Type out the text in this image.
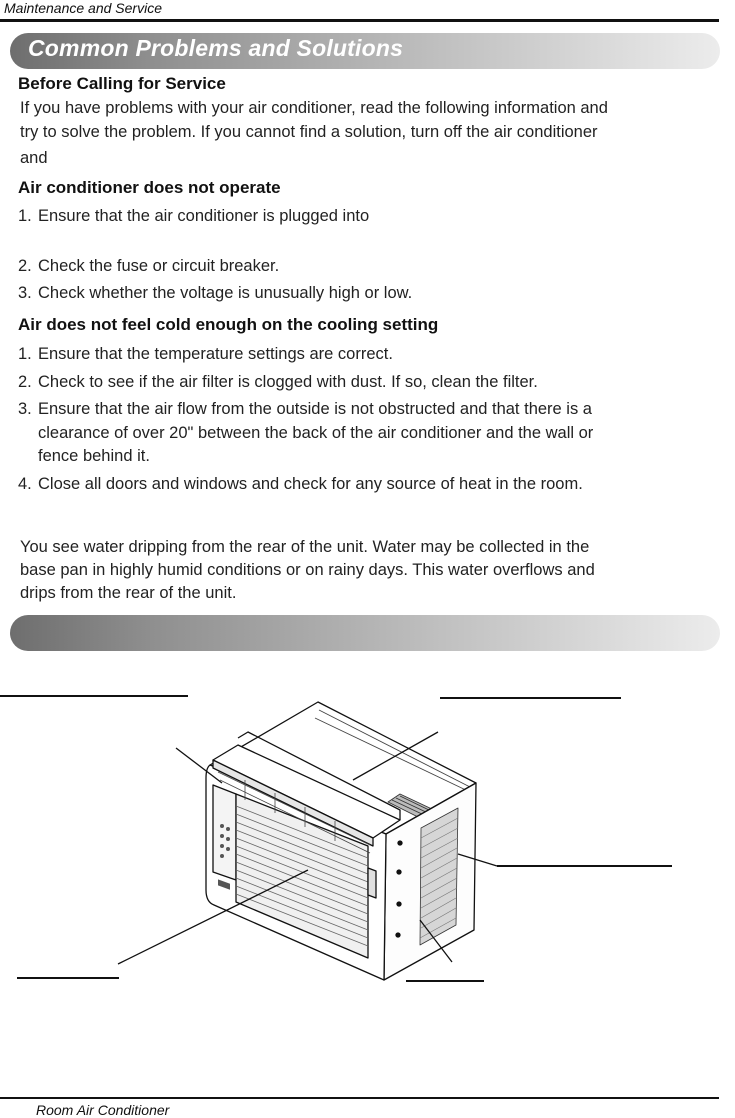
Maintenance and Service
Common Problems and Solutions
Before Calling for Service
If you have problems with your air conditioner, read the following information and
try to solve the problem. If you cannot find a solution, turn off the air conditioner
and
Air conditioner does not operate
1. Ensure that the air conditioner is plugged into
2. Check the fuse or circuit breaker.
3. Check whether the voltage is unusually high or low.
Air does not feel cold enough on the cooling setting
1. Ensure that the temperature settings are correct.
2. Check to see if the air filter is clogged with dust. If so, clean the filter.
3. Ensure that the air flow from the outside is not obstructed and that there is a
clearance of over 20" between the back of the air conditioner and the wall or
fence behind it.
4. Close all doors and windows and check for any source of heat in the room.
You see water dripping from the rear of the unit. Water may be collected in the
base pan in highly humid conditions or on rainy days. This water overflows and
drips from the rear of the unit.
Room Air Conditioner
